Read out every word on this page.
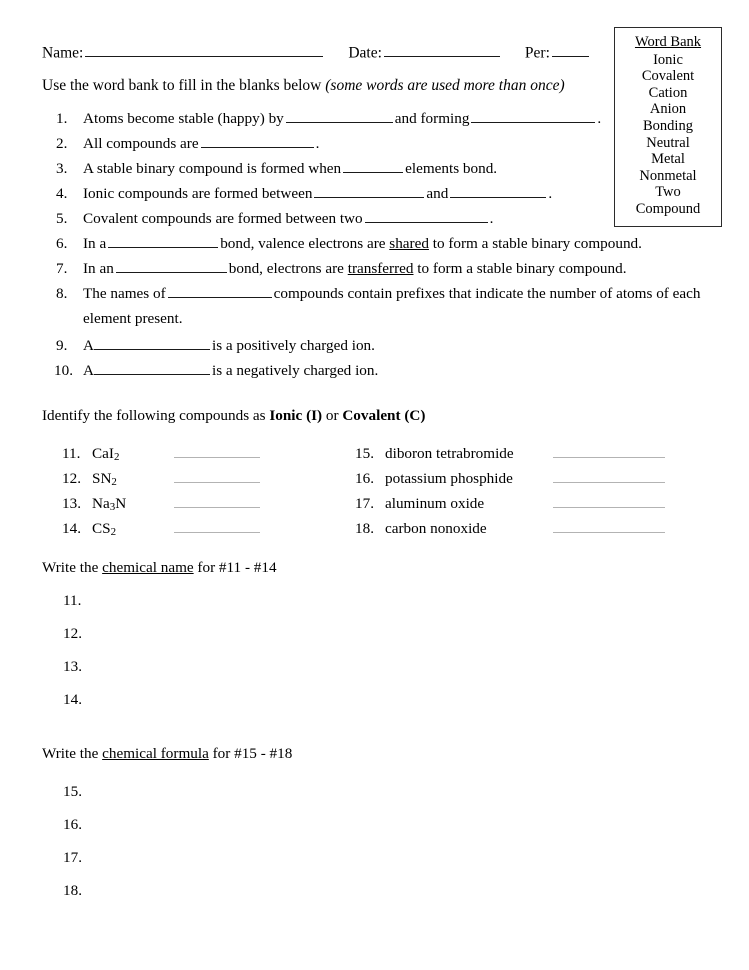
Name:	Date:	Per:
Use the word bank to fill in the blanks below (some words are used more than once)
Word Bank
Ionic
Covalent
Cation
Anion
Bonding
Neutral
Metal
Nonmetal
Two
Compound
1.	Atoms become stable (happy) by	and forming	.
2.	All compounds are	.
3.	A stable binary compound is formed when	elements bond.
4.	Ionic compounds are formed between	and	.
5.	Covalent compounds are formed between two	.
6.	In a	bond, valence electrons are shared to form a stable binary compound.
7.	In an	bond, electrons are transferred to form a stable binary compound.
8.	The names of	compounds contain prefixes that indicate the number of atoms of each
element present.
9.	A	is a positively charged ion.
10. A	is a negatively charged ion.
Identify the following compounds as Ionic (I) or Covalent (C)
11. CaI$_2$
12. $SN_2$
13. $Na_3N$
14. $CS_2$
15. diboron tetrabromide
16. potassium phosphide
17. aluminum oxide
18. carbon nonoxide
Write the chemical name for #11 - #14
11.
12.
13.
14.
Write the chemical formula for #15 - #18
15.
16.
17.
18.
